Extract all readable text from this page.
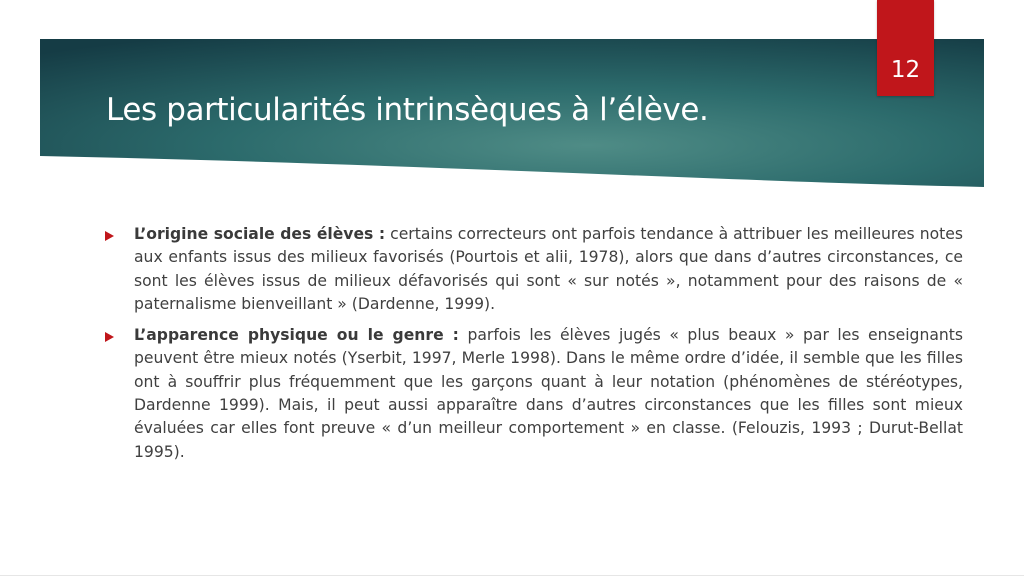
Les particularités intrinsèques à l’élève.
12
L’origine sociale des élèves : certains correcteurs ont parfois tendance à attribuer les meilleures notes aux enfants issus des milieux favorisés (Pourtois et alii, 1978), alors que dans d’autres circonstances, ce sont les élèves issus de milieux défavorisés qui sont « sur notés », notamment pour des raisons de « paternalisme bienveillant » (Dardenne, 1999).
L’apparence physique ou le genre : parfois les élèves jugés « plus beaux » par les enseignants peuvent être mieux notés (Yserbit, 1997, Merle 1998). Dans le même ordre d’idée, il semble que les filles ont à souffrir plus fréquemment que les garçons quant à leur notation (phénomènes de stéréotypes, Dardenne 1999). Mais, il peut aussi apparaître dans d’autres circonstances que les filles sont mieux évaluées car elles font preuve « d’un meilleur comportement » en classe. (Felouzis, 1993 ; Durut-Bellat 1995).
